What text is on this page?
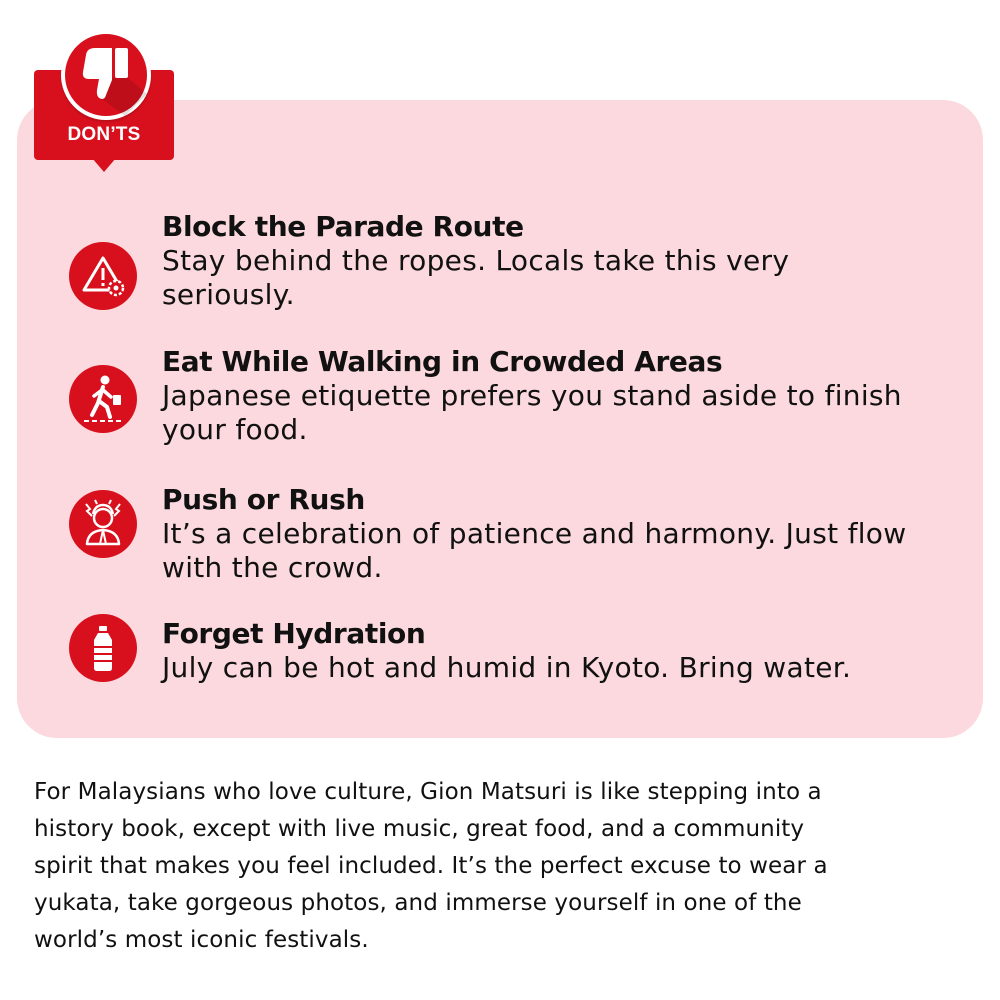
DON’TS
Block the Parade Route
Stay behind the ropes. Locals take this very
seriously.
Eat While Walking in Crowded Areas
Japanese etiquette prefers you stand aside to finish
your food.
Push or Rush
It’s a celebration of patience and harmony. Just flow
with the crowd.
Forget Hydration
July can be hot and humid in Kyoto. Bring water.
For Malaysians who love culture, Gion Matsuri is like stepping into a
history book, except with live music, great food, and a community
spirit that makes you feel included. It’s the perfect excuse to wear a
yukata, take gorgeous photos, and immerse yourself in one of the
world’s most iconic festivals.
